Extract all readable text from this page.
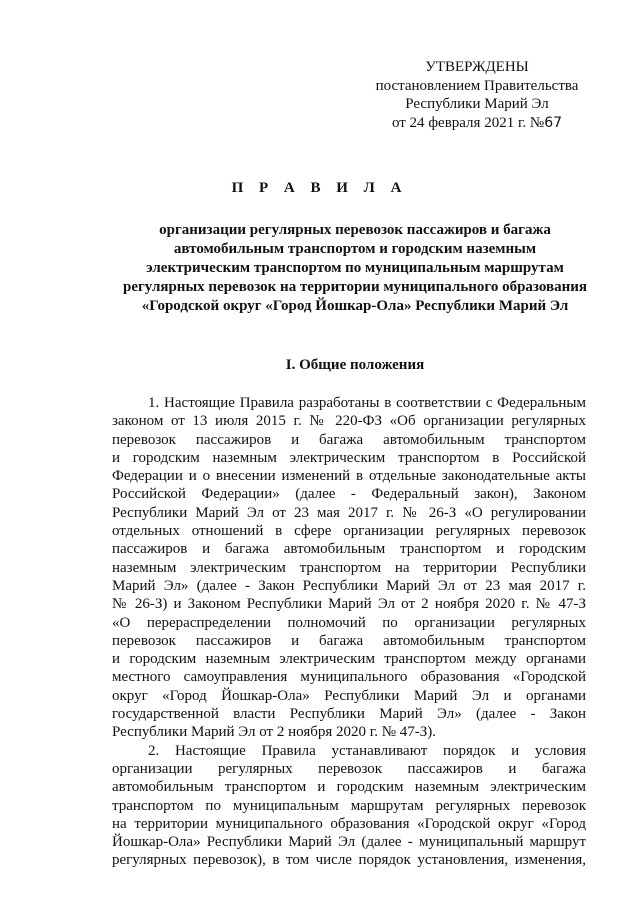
УТВЕРЖДЕНЫ
постановлением Правительства
Республики Марий Эл
от 24 февраля 2021 г. №67
П Р А В И Л А
организации регулярных перевозок пассажиров и багажа
автомобильным транспортом и городским наземным
электрическим транспортом по муниципальным маршрутам
регулярных перевозок на территории муниципального образования
«Городской округ «Город Йошкар-Ола» Республики Марий Эл
I. Общие положения
1. Настоящие Правила разработаны в соответствии с Федеральным
законом от 13 июля 2015 г. № 220-ФЗ «Об организации регулярных
перевозок пассажиров и багажа автомобильным транспортом
и городским наземным электрическим транспортом в Российской
Федерации и о внесении изменений в отдельные законодательные акты
Российской Федерации» (далее - Федеральный закон), Законом
Республики Марий Эл от 23 мая 2017 г. № 26-З «О регулировании
отдельных отношений в сфере организации регулярных перевозок
пассажиров и багажа автомобильным транспортом и городским
наземным электрическим транспортом на территории Республики
Марий Эл» (далее - Закон Республики Марий Эл от 23 мая 2017 г.
№ 26-З) и Законом Республики Марий Эл от 2 ноября 2020 г. № 47-З
«О перераспределении полномочий по организации регулярных
перевозок пассажиров и багажа автомобильным транспортом
и городским наземным электрическим транспортом между органами
местного самоуправления муниципального образования «Городской
округ «Город Йошкар-Ола» Республики Марий Эл и органами
государственной власти Республики Марий Эл» (далее - Закон
Республики Марий Эл от 2 ноября 2020 г. № 47-З).
2. Настоящие Правила устанавливают порядок и условия
организации регулярных перевозок пассажиров и багажа
автомобильным транспортом и городским наземным электрическим
транспортом по муниципальным маршрутам регулярных перевозок
на территории муниципального образования «Городской округ «Город
Йошкар-Ола» Республики Марий Эл (далее - муниципальный маршрут
регулярных перевозок), в том числе порядок установления, изменения,
